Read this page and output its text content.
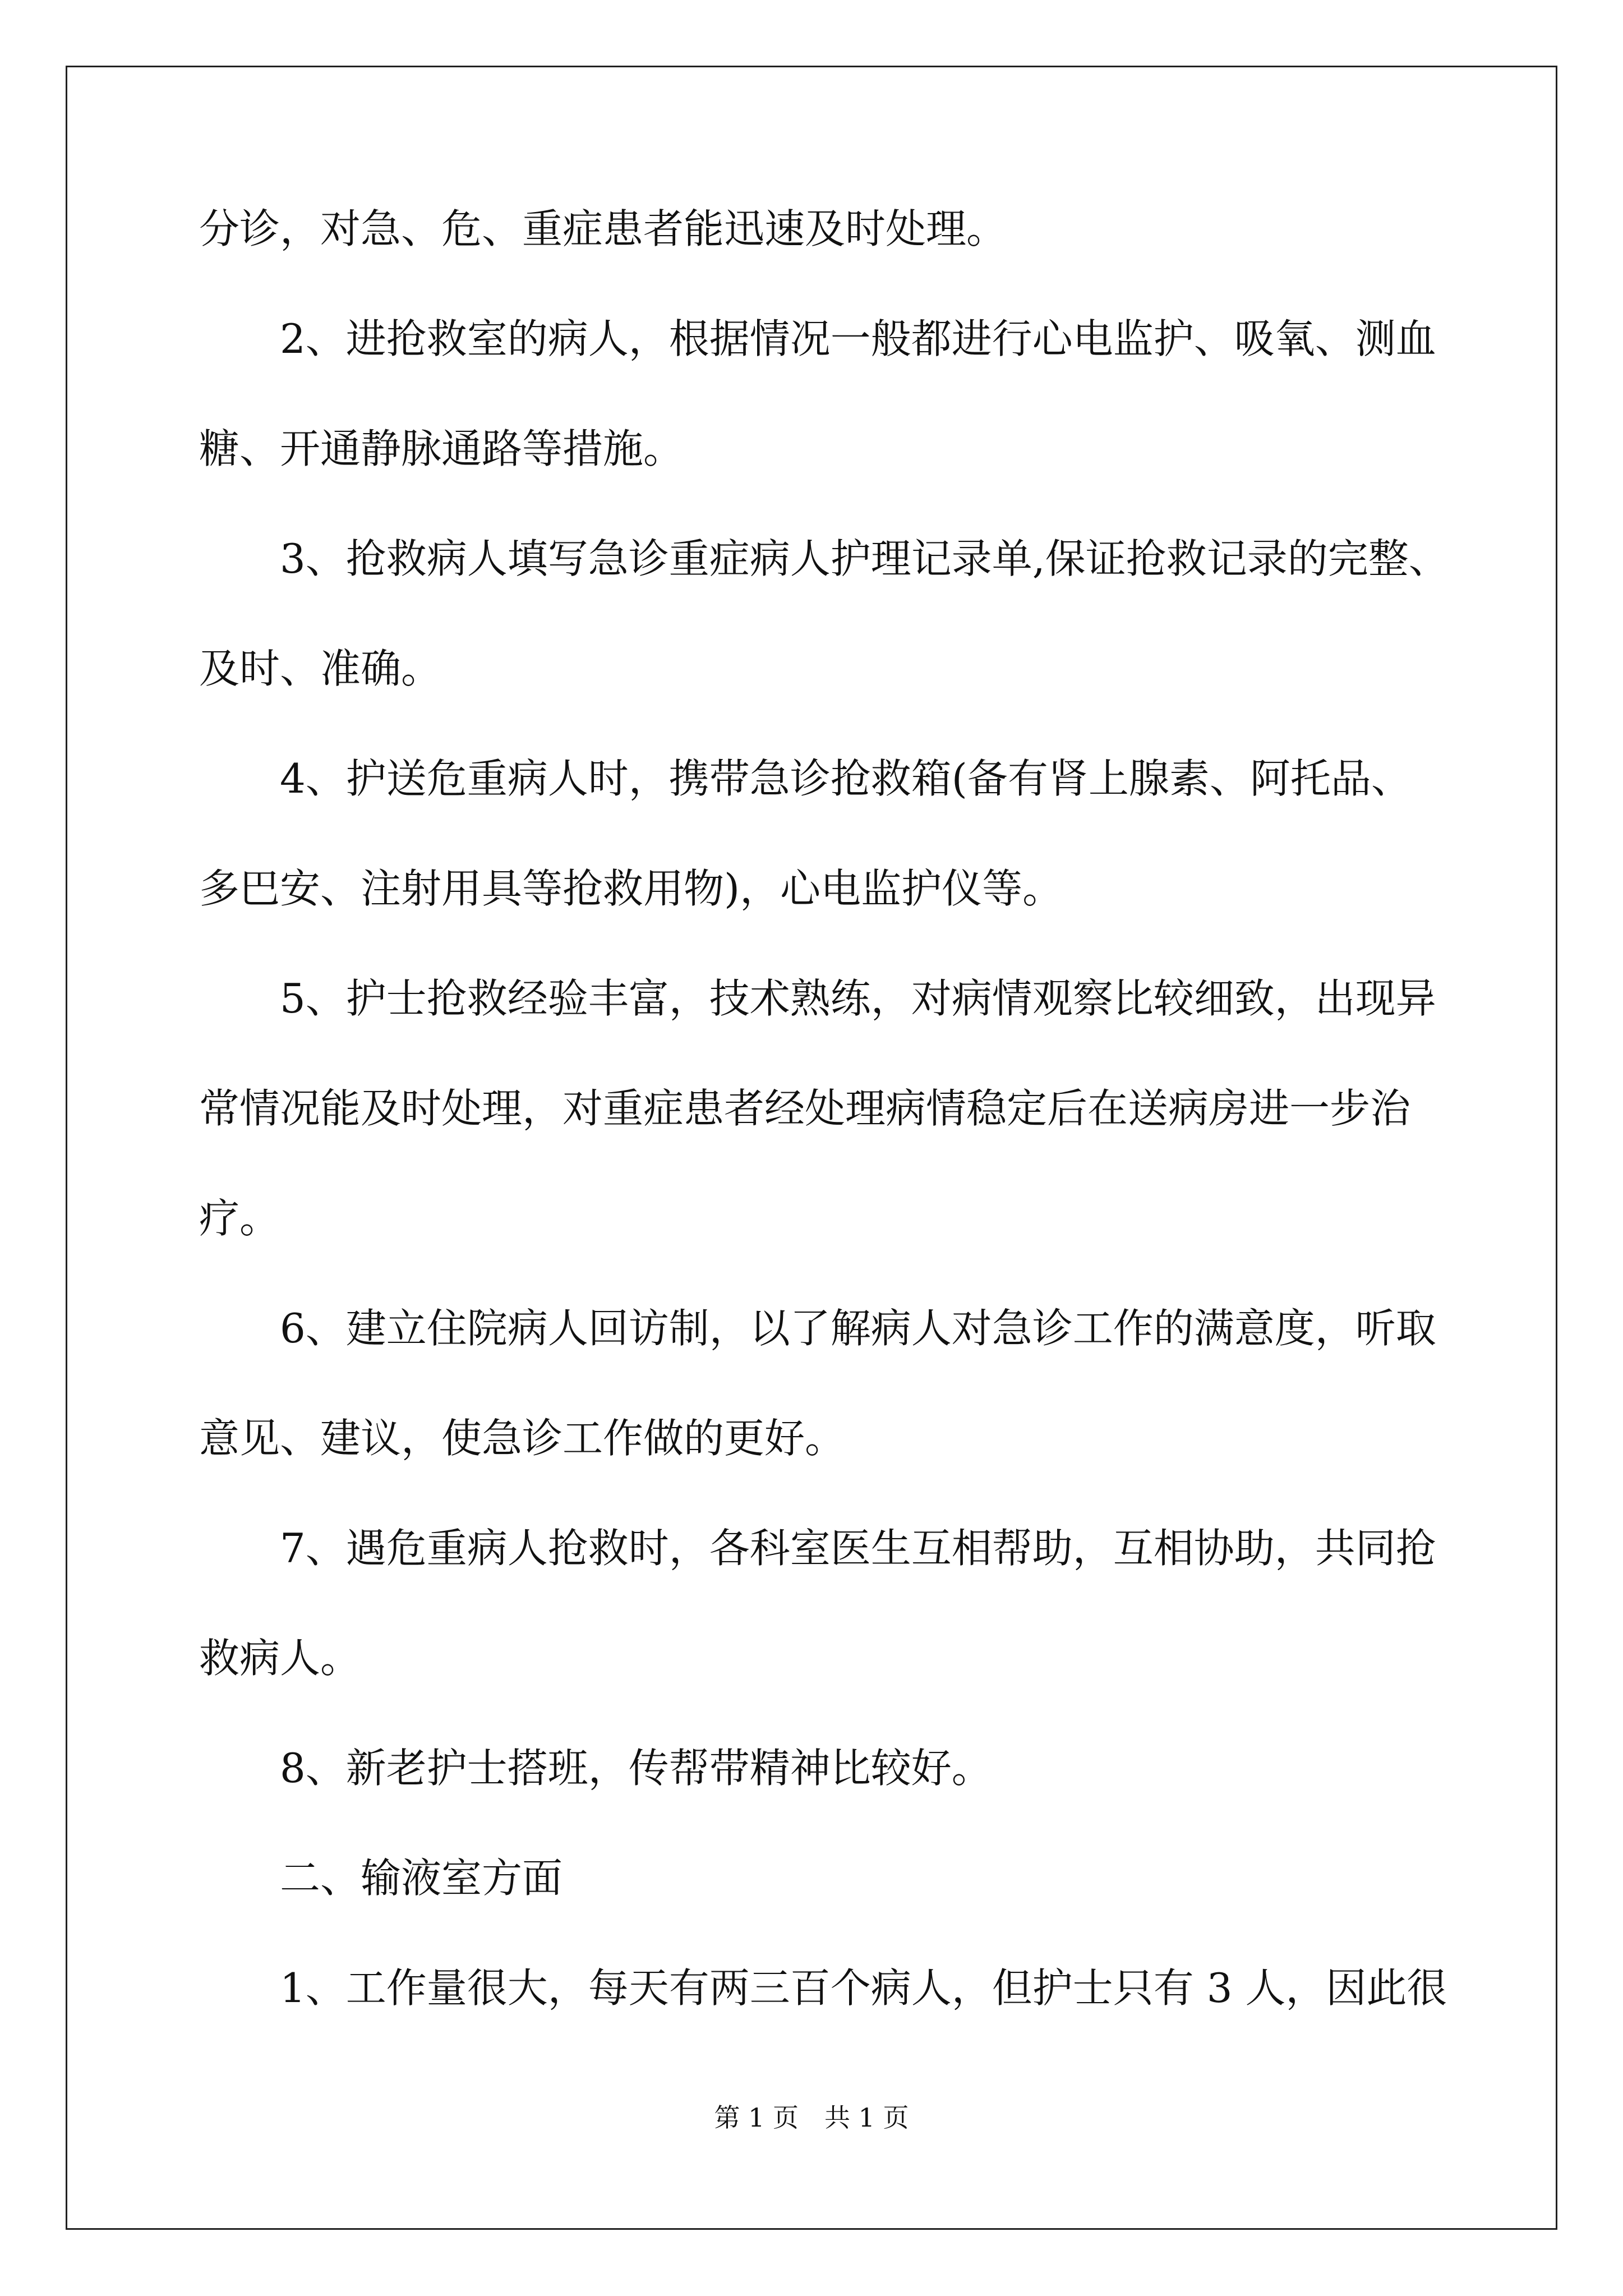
分诊，对急、危、重症患者能迅速及时处理。

2、进抢救室的病人，根据情况一般都进行心电监护、吸氧、测血

糖、开通静脉通路等措施。

3、抢救病人填写急诊重症病人护理记录单,保证抢救记录的完整、

及时、准确。

4、护送危重病人时，携带急诊抢救箱(备有肾上腺素、阿托品、

多巴安、注射用具等抢救用物)，心电监护仪等。

5、护士抢救经验丰富，技术熟练，对病情观察比较细致，出现异

常情况能及时处理，对重症患者经处理病情稳定后在送病房进一步治

疗。

6、建立住院病人回访制，以了解病人对急诊工作的满意度，听取

意见、建议，使急诊工作做的更好。

7、遇危重病人抢救时，各科室医生互相帮助，互相协助，共同抢

救病人。

8、新老护士搭班，传帮带精神比较好。

二、输液室方面

1、工作量很大，每天有两三百个病人，但护士只有 3 人，因此很

第 1 页　共 1 页
